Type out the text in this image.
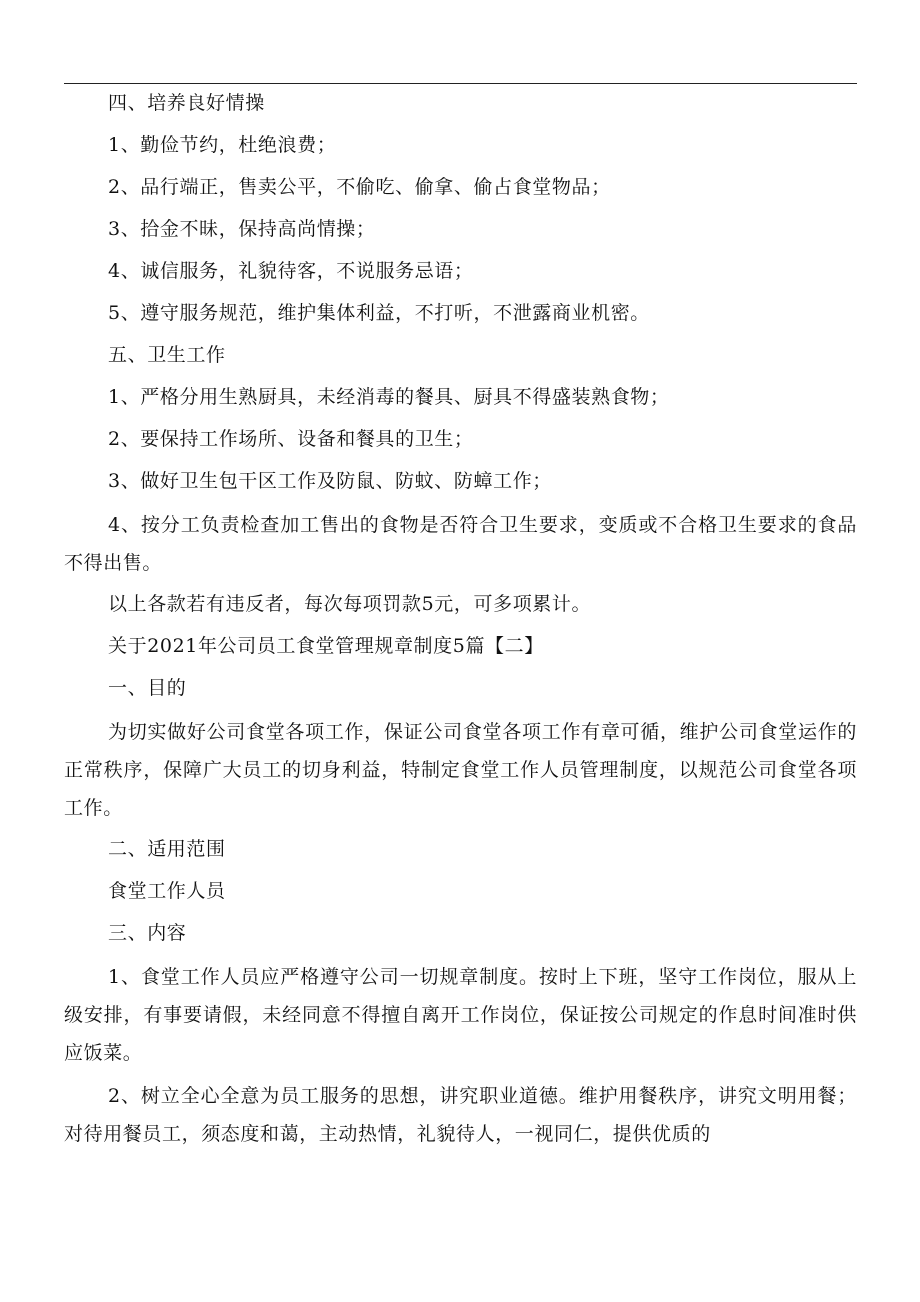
四、培养良好情操

1、勤俭节约，杜绝浪费；

2、品行端正，售卖公平，不偷吃、偷拿、偷占食堂物品；

3、拾金不昧，保持高尚情操；

4、诚信服务，礼貌待客，不说服务忌语；

5、遵守服务规范，维护集体利益，不打听，不泄露商业机密。

五、卫生工作

1、严格分用生熟厨具，未经消毒的餐具、厨具不得盛装熟食物；

2、要保持工作场所、设备和餐具的卫生；

3、做好卫生包干区工作及防鼠、防蚊、防蟑工作；

4、按分工负责检查加工售出的食物是否符合卫生要求，变质或不合格卫生要求的食品不得出售。

以上各款若有违反者，每次每项罚款5元，可多项累计。

关于2021年公司员工食堂管理规章制度5篇【二】

一、目的

为切实做好公司食堂各项工作，保证公司食堂各项工作有章可循，维护公司食堂运作的正常秩序，保障广大员工的切身利益，特制定食堂工作人员管理制度，以规范公司食堂各项工作。

二、适用范围

食堂工作人员

三、内容

1、食堂工作人员应严格遵守公司一切规章制度。按时上下班，坚守工作岗位，服从上级安排，有事要请假，未经同意不得擅自离开工作岗位，保证按公司规定的作息时间准时供应饭菜。

2、树立全心全意为员工服务的思想，讲究职业道德。维护用餐秩序，讲究文明用餐；对待用餐员工，须态度和蔼，主动热情，礼貌待人，一视同仁，提供优质的
